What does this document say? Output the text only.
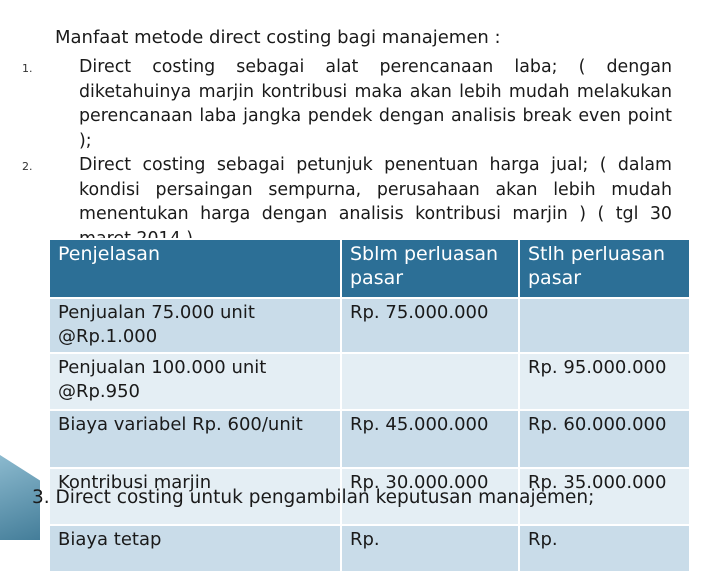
Manfaat metode direct costing bagi manajemen :
1.	Direct costing sebagai alat perencanaan laba; ( dengan diketahuinya marjin kontribusi maka akan lebih mudah melakukan perencanaan laba jangka pendek dengan analisis break even point );
2.	Direct costing sebagai petunjuk penentuan harga jual; ( dalam kondisi persaingan sempurna, perusahaan akan lebih mudah menentukan harga dengan analisis kontribusi marjin ) ( tgl 30
Penjelasan	Sblm perluasan pasar	Stlh perluasan pasar
Penjualan 75.000 unit @Rp.1.000	Rp. 75.000.000	
Penjualan 100.000 unit @Rp.950		Rp. 95.000.000
Biaya variabel Rp. 600/unit	Rp. 45.000.000	Rp. 60.000.000
Kontribusi marjin	Rp. 30.000.000	Rp. 35.000.000
Biaya tetap	Rp.	Rp.
3. Direct costing untuk pengambilan keputusan manajemen;
